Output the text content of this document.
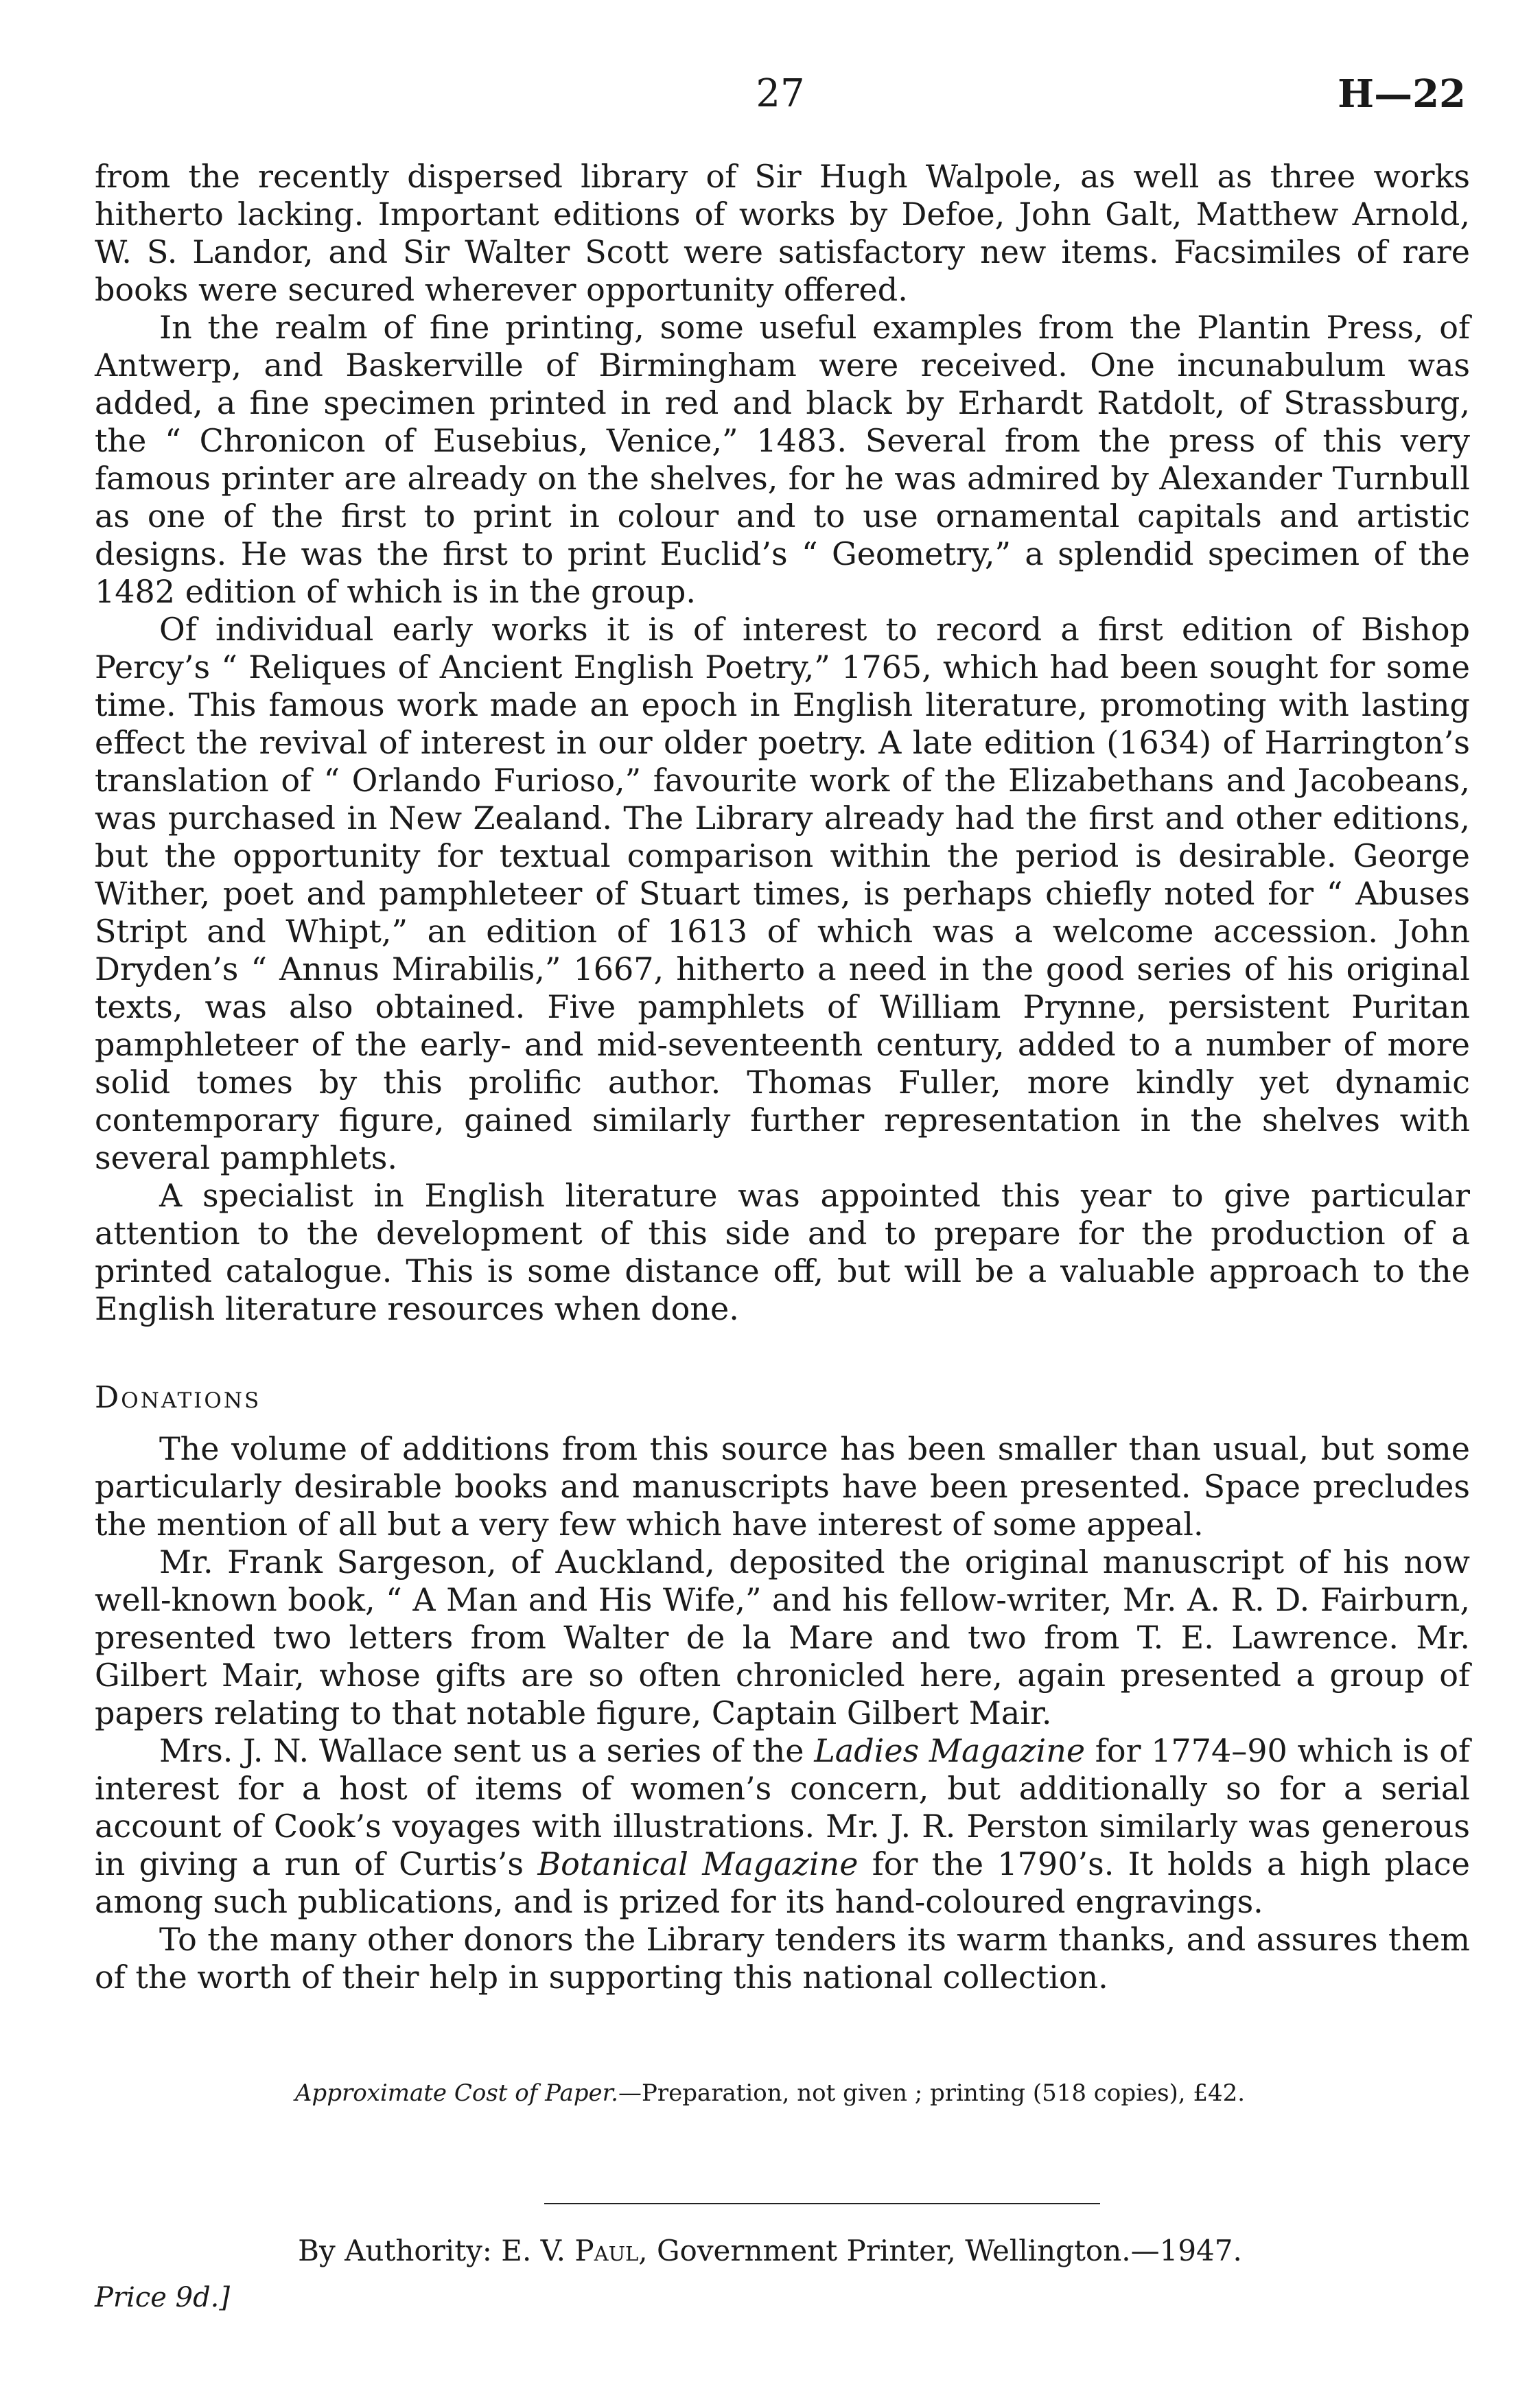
27	H—22

from the recently dispersed library of Sir Hugh Walpole, as well as three works hitherto lacking. Important editions of works by Defoe, John Galt, Matthew Arnold, W. S. Landor, and Sir Walter Scott were satisfactory new items. Facsimiles of rare books were secured wherever opportunity offered.

In the realm of fine printing, some useful examples from the Plantin Press, of Antwerp, and Baskerville of Birmingham were received. One incunabulum was added, a fine specimen printed in red and black by Erhardt Ratdolt, of Strassburg, the “ Chronicon of Eusebius, Venice,” 1483. Several from the press of this very famous printer are already on the shelves, for he was admired by Alexander Turnbull as one of the first to print in colour and to use ornamental capitals and artistic designs. He was the first to print Euclid’s “ Geometry,” a splendid specimen of the 1482 edition of which is in the group.

Of individual early works it is of interest to record a first edition of Bishop Percy’s “ Reliques of Ancient English Poetry,” 1765, which had been sought for some time. This famous work made an epoch in English literature, promoting with lasting effect the revival of interest in our older poetry. A late edition (1634) of Harrington’s translation of “ Orlando Furioso,” favourite work of the Elizabethans and Jacobeans, was purchased in New Zealand. The Library already had the first and other editions, but the opportunity for textual comparison within the period is desirable. George Wither, poet and pamphleteer of Stuart times, is perhaps chiefly noted for “ Abuses Stript and Whipt,” an edition of 1613 of which was a welcome accession. John Dryden’s “ Annus Mirabilis,” 1667, hitherto a need in the good series of his original texts, was also obtained. Five pamphlets of William Prynne, persistent Puritan pamphleteer of the early- and mid-seventeenth century, added to a number of more solid tomes by this prolific author. Thomas Fuller, more kindly yet dynamic contemporary figure, gained similarly further representation in the shelves with several pamphlets.

A specialist in English literature was appointed this year to give particular attention to the development of this side and to prepare for the production of a printed catalogue. This is some distance off, but will be a valuable approach to the English literature resources when done.

Donations

The volume of additions from this source has been smaller than usual, but some particularly desirable books and manuscripts have been presented. Space precludes the mention of all but a very few which have interest of some appeal.

Mr. Frank Sargeson, of Auckland, deposited the original manuscript of his now well-known book, “ A Man and His Wife,” and his fellow-writer, Mr. A. R. D. Fairburn, presented two letters from Walter de la Mare and two from T. E. Lawrence. Mr. Gilbert Mair, whose gifts are so often chronicled here, again presented a group of papers relating to that notable figure, Captain Gilbert Mair.

Mrs. J. N. Wallace sent us a series of the Ladies Magazine for 1774–90 which is of interest for a host of items of women’s concern, but additionally so for a serial account of Cook’s voyages with illustrations. Mr. J. R. Perston similarly was generous in giving a run of Curtis’s Botanical Magazine for the 1790’s. It holds a high place among such publications, and is prized for its hand-coloured engravings.

To the many other donors the Library tenders its warm thanks, and assures them of the worth of their help in supporting this national collection.

Approximate Cost of Paper.—Preparation, not given ; printing (518 copies), £42.
By Authority: E. V. Paul, Government Printer, Wellington.—1947.
Price 9d.]
